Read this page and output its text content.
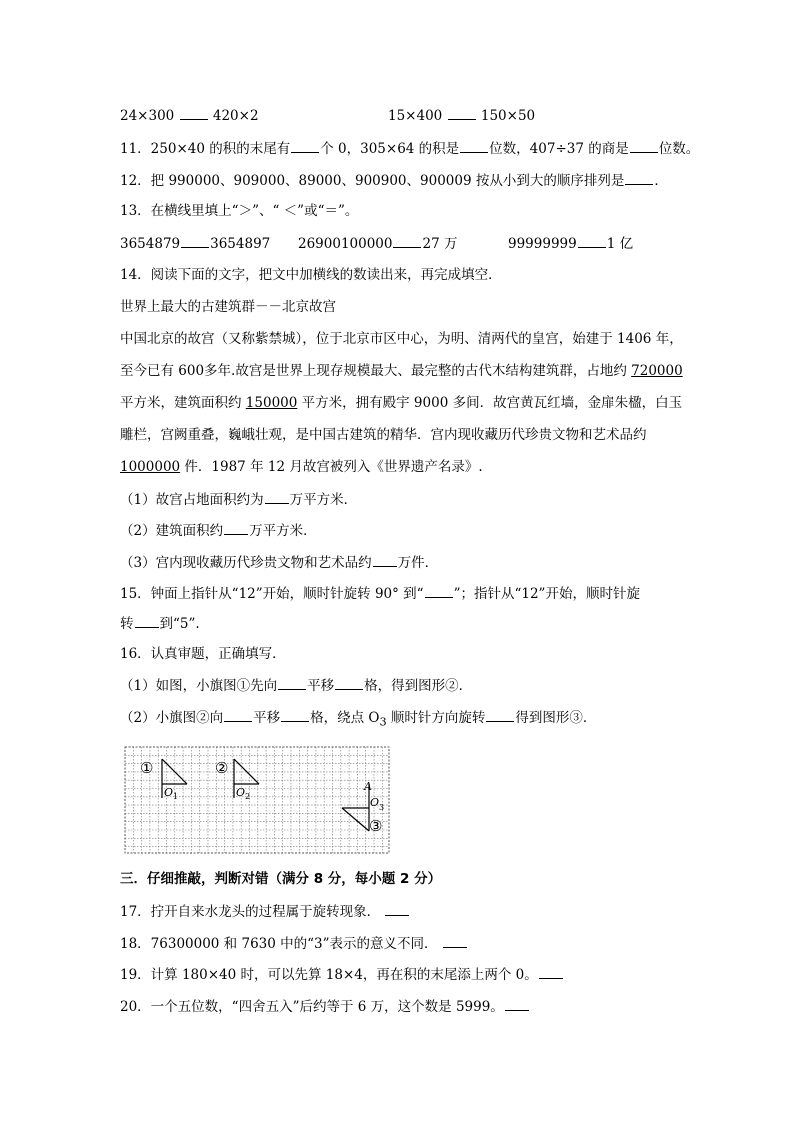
24×300	420×2	15×400	150×50
11．250×40 的积的末尾有 个 0，305×64 的积是 位数，407÷37 的商是 位数。
12．把 990000、909000、89000、900900、900009 按从小到大的顺序排列是 ．
13．在横线里填上“＞”、“ ＜”或“＝”。
3654879 3654897 26900100000 27 万	99999999 1 亿
14．阅读下面的文字，把文中加横线的数读出来，再完成填空．
世界上最大的古建筑群－－北京故宫
中国北京的故宫（又称紫禁城），位于北京市区中心，为明、清两代的皇宫，始建于 1406 年，
至今已有 600多年.故宫是世界上现存规模最大、最完整的古代木结构建筑群，占地约 720000
平方米，建筑面积约 150000 平方米，拥有殿宇 9000 多间．故宫黄瓦红墙，金扉朱楹，白玉
雕栏，宫阙重叠，巍峨壮观，是中国古建筑的精华．宫内现收藏历代珍贵文物和艺术品约
1000000 件．1987 年 12 月故宫被列入《世界遗产名录》.
（1）故宫占地面积约为 万平方米．
（2）建筑面积约 万平方米．
（3）宫内现收藏历代珍贵文物和艺术品约 万件．
15．钟面上指针从“12”开始，顺时针旋转 90° 到“ ”；指针从“12”开始，顺时针旋
转 到“5”.
16．认真审题，正确填写．
（1）如图，小旗图①先向 平移 格，得到图形②．
（2）小旗图②向 平移 格，绕点 $O_3$ 顺时针方向旋转 得到图形③．
①
O 1
②
O 2
A
O 3
③
三．仔细推敲，判断对错（满分 8 分，每小题 2 分）
17．拧开自来水龙头的过程属于旋转现象．
18．76300000 和 7630 中的“3”表示的意义不同．
19．计算 180×40 时，可以先算 18×4，再在积的末尾添上两个 0。
20．一个五位数，“四舍五入”后约等于 6 万，这个数是 5999。
